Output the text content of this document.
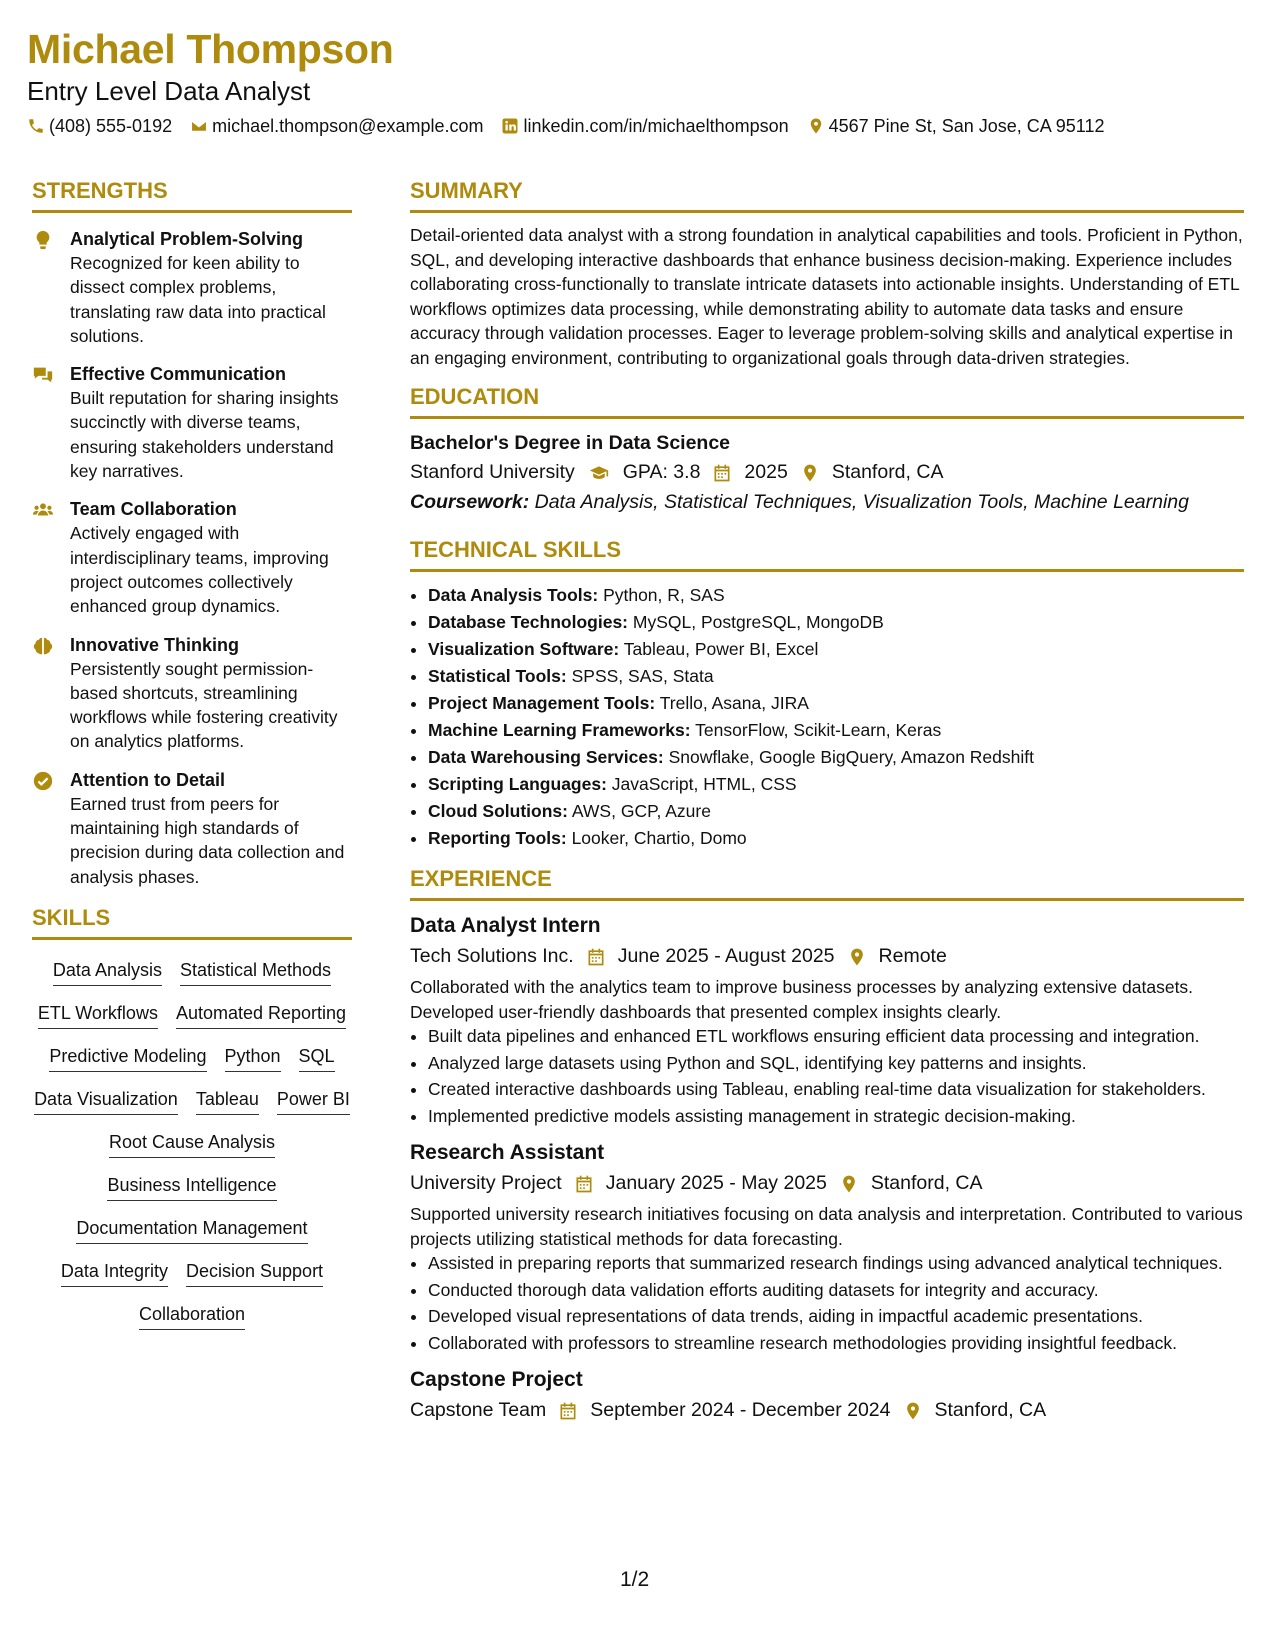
Michael Thompson
Entry Level Data Analyst
(408) 555-0192 michael.thompson@example.com linkedin.com/in/michaelthompson 4567 Pine St, San Jose, CA 95112
STRENGTHS
Analytical Problem-Solving
Recognized for keen ability to dissect complex problems, translating raw data into practical solutions.
Effective Communication
Built reputation for sharing insights succinctly with diverse teams, ensuring stakeholders understand key narratives.
Team Collaboration
Actively engaged with interdisciplinary teams, improving project outcomes collectively enhanced group dynamics.
Innovative Thinking
Persistently sought permission-based shortcuts, streamlining workflows while fostering creativity on analytics platforms.
Attention to Detail
Earned trust from peers for maintaining high standards of precision during data collection and analysis phases.
SKILLS
Data Analysis Statistical Methods
ETL Workflows Automated Reporting
Predictive Modeling Python SQL
Data Visualization Tableau Power BI
Root Cause Analysis
Business Intelligence
Documentation Management
Data Integrity Decision Support
Collaboration
SUMMARY
Detail-oriented data analyst with a strong foundation in analytical capabilities and tools. Proficient in Python, SQL, and developing interactive dashboards that enhance business decision-making. Experience includes collaborating cross-functionally to translate intricate datasets into actionable insights. Understanding of ETL workflows optimizes data processing, while demonstrating ability to automate data tasks and ensure accuracy through validation processes. Eager to leverage problem-solving skills and analytical expertise in an engaging environment, contributing to organizational goals through data-driven strategies.
EDUCATION
Bachelor's Degree in Data Science
Stanford University GPA: 3.8 2025 Stanford, CA
Coursework: Data Analysis, Statistical Techniques, Visualization Tools, Machine Learning
TECHNICAL SKILLS
• Data Analysis Tools: Python, R, SAS
• Database Technologies: MySQL, PostgreSQL, MongoDB
• Visualization Software: Tableau, Power BI, Excel
• Statistical Tools: SPSS, SAS, Stata
• Project Management Tools: Trello, Asana, JIRA
• Machine Learning Frameworks: TensorFlow, Scikit-Learn, Keras
• Data Warehousing Services: Snowflake, Google BigQuery, Amazon Redshift
• Scripting Languages: JavaScript, HTML, CSS
• Cloud Solutions: AWS, GCP, Azure
• Reporting Tools: Looker, Chartio, Domo
EXPERIENCE
Data Analyst Intern
Tech Solutions Inc. June 2025 - August 2025 Remote
Collaborated with the analytics team to improve business processes by analyzing extensive datasets. Developed user-friendly dashboards that presented complex insights clearly.
• Built data pipelines and enhanced ETL workflows ensuring efficient data processing and integration.
• Analyzed large datasets using Python and SQL, identifying key patterns and insights.
• Created interactive dashboards using Tableau, enabling real-time data visualization for stakeholders.
• Implemented predictive models assisting management in strategic decision-making.
Research Assistant
University Project January 2025 - May 2025 Stanford, CA
Supported university research initiatives focusing on data analysis and interpretation. Contributed to various projects utilizing statistical methods for data forecasting.
• Assisted in preparing reports that summarized research findings using advanced analytical techniques.
• Conducted thorough data validation efforts auditing datasets for integrity and accuracy.
• Developed visual representations of data trends, aiding in impactful academic presentations.
• Collaborated with professors to streamline research methodologies providing insightful feedback.
Capstone Project
Capstone Team September 2024 - December 2024 Stanford, CA
1/2
